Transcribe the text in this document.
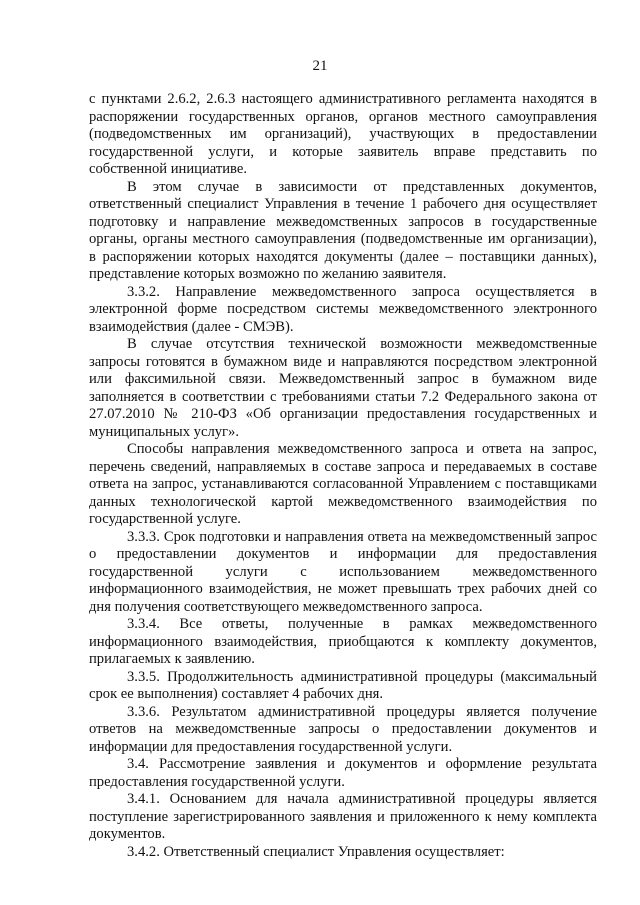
21

с пунктами 2.6.2, 2.6.3 настоящего административного регламента находятся в распоряжении государственных органов, органов местного самоуправления (подведомственных им организаций), участвующих в предоставлении государственной услуги, и которые заявитель вправе представить по собственной инициативе.

В этом случае в зависимости от представленных документов, ответственный специалист Управления в течение 1 рабочего дня осуществляет подготовку и направление межведомственных запросов в государственные органы, органы местного самоуправления (подведомственные им организации), в распоряжении которых находятся документы (далее – поставщики данных), представление которых возможно по желанию заявителя.

3.3.2. Направление межведомственного запроса осуществляется в электронной форме посредством системы межведомственного электронного взаимодействия (далее - СМЭВ).

В случае отсутствия технической возможности межведомственные запросы готовятся в бумажном виде и направляются посредством электронной или факсимильной связи. Межведомственный запрос в бумажном виде заполняется в соответствии с требованиями статьи 7.2 Федерального закона от 27.07.2010 № 210-ФЗ «Об организации предоставления государственных и муниципальных услуг».

Способы направления межведомственного запроса и ответа на запрос, перечень сведений, направляемых в составе запроса и передаваемых в составе ответа на запрос, устанавливаются согласованной Управлением с поставщиками данных технологической картой межведомственного взаимодействия по государственной услуге.

3.3.3. Срок подготовки и направления ответа на межведомственный запрос о предоставлении документов и информации для предоставления государственной услуги с использованием межведомственного информационного взаимодействия, не может превышать трех рабочих дней со дня получения соответствующего межведомственного запроса.

3.3.4. Все ответы, полученные в рамках межведомственного информационного взаимодействия, приобщаются к комплекту документов, прилагаемых к заявлению.

3.3.5. Продолжительность административной процедуры (максимальный срок ее выполнения) составляет 4 рабочих дня.

3.3.6. Результатом административной процедуры является получение ответов на межведомственные запросы о предоставлении документов и информации для предоставления государственной услуги.

3.4. Рассмотрение заявления и документов и оформление результата предоставления государственной услуги.

3.4.1. Основанием для начала административной процедуры является поступление зарегистрированного заявления и приложенного к нему комплекта документов.

3.4.2. Ответственный специалист Управления осуществляет:
